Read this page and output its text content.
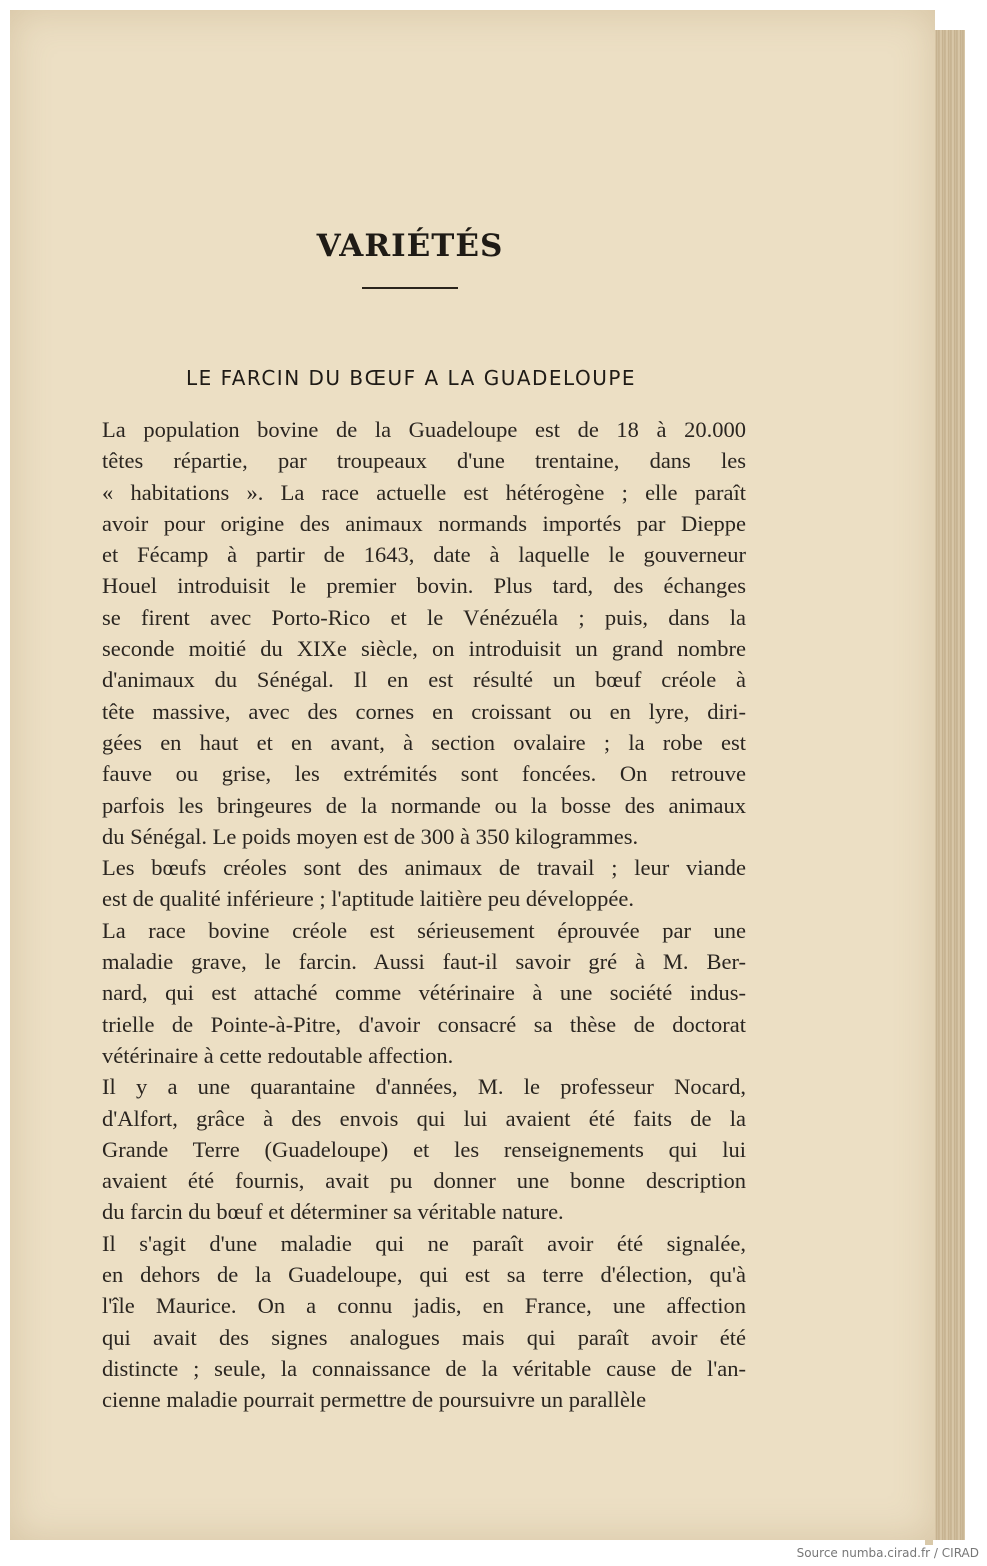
VARIÉTÉS
LE FARCIN DU BŒUF A LA GUADELOUPE

La population bovine de la Guadeloupe est de 18 à 20.000
têtes répartie, par troupeaux d'une trentaine, dans les
« habitations ». La race actuelle est hétérogène ; elle paraît
avoir pour origine des animaux normands importés par Dieppe
et Fécamp à partir de 1643, date à laquelle le gouverneur
Houel introduisit le premier bovin. Plus tard, des échanges
se firent avec Porto-Rico et le Vénézuéla ; puis, dans la
seconde moitié du XIXe siècle, on introduisit un grand nombre
d'animaux du Sénégal. Il en est résulté un bœuf créole à
tête massive, avec des cornes en croissant ou en lyre, diri-
gées en haut et en avant, à section ovalaire ; la robe est
fauve ou grise, les extrémités sont foncées. On retrouve
parfois les bringeures de la normande ou la bosse des animaux
du Sénégal. Le poids moyen est de 300 à 350 kilogrammes.

Les bœufs créoles sont des animaux de travail ; leur viande
est de qualité inférieure ; l'aptitude laitière peu développée.

La race bovine créole est sérieusement éprouvée par une
maladie grave, le farcin. Aussi faut-il savoir gré à M. Ber-
nard, qui est attaché comme vétérinaire à une société indus-
trielle de Pointe-à-Pitre, d'avoir consacré sa thèse de doctorat
vétérinaire à cette redoutable affection.

Il y a une quarantaine d'années, M. le professeur Nocard,
d'Alfort, grâce à des envois qui lui avaient été faits de la
Grande Terre (Guadeloupe) et les renseignements qui lui
avaient été fournis, avait pu donner une bonne description
du farcin du bœuf et déterminer sa véritable nature.

Il s'agit d'une maladie qui ne paraît avoir été signalée,
en dehors de la Guadeloupe, qui est sa terre d'élection, qu'à
l'île Maurice. On a connu jadis, en France, une affection
qui avait des signes analogues mais qui paraît avoir été
distincte ; seule, la connaissance de la véritable cause de l'an-
cienne maladie pourrait permettre de poursuivre un parallèle

Source numba.cirad.fr / CIRAD
